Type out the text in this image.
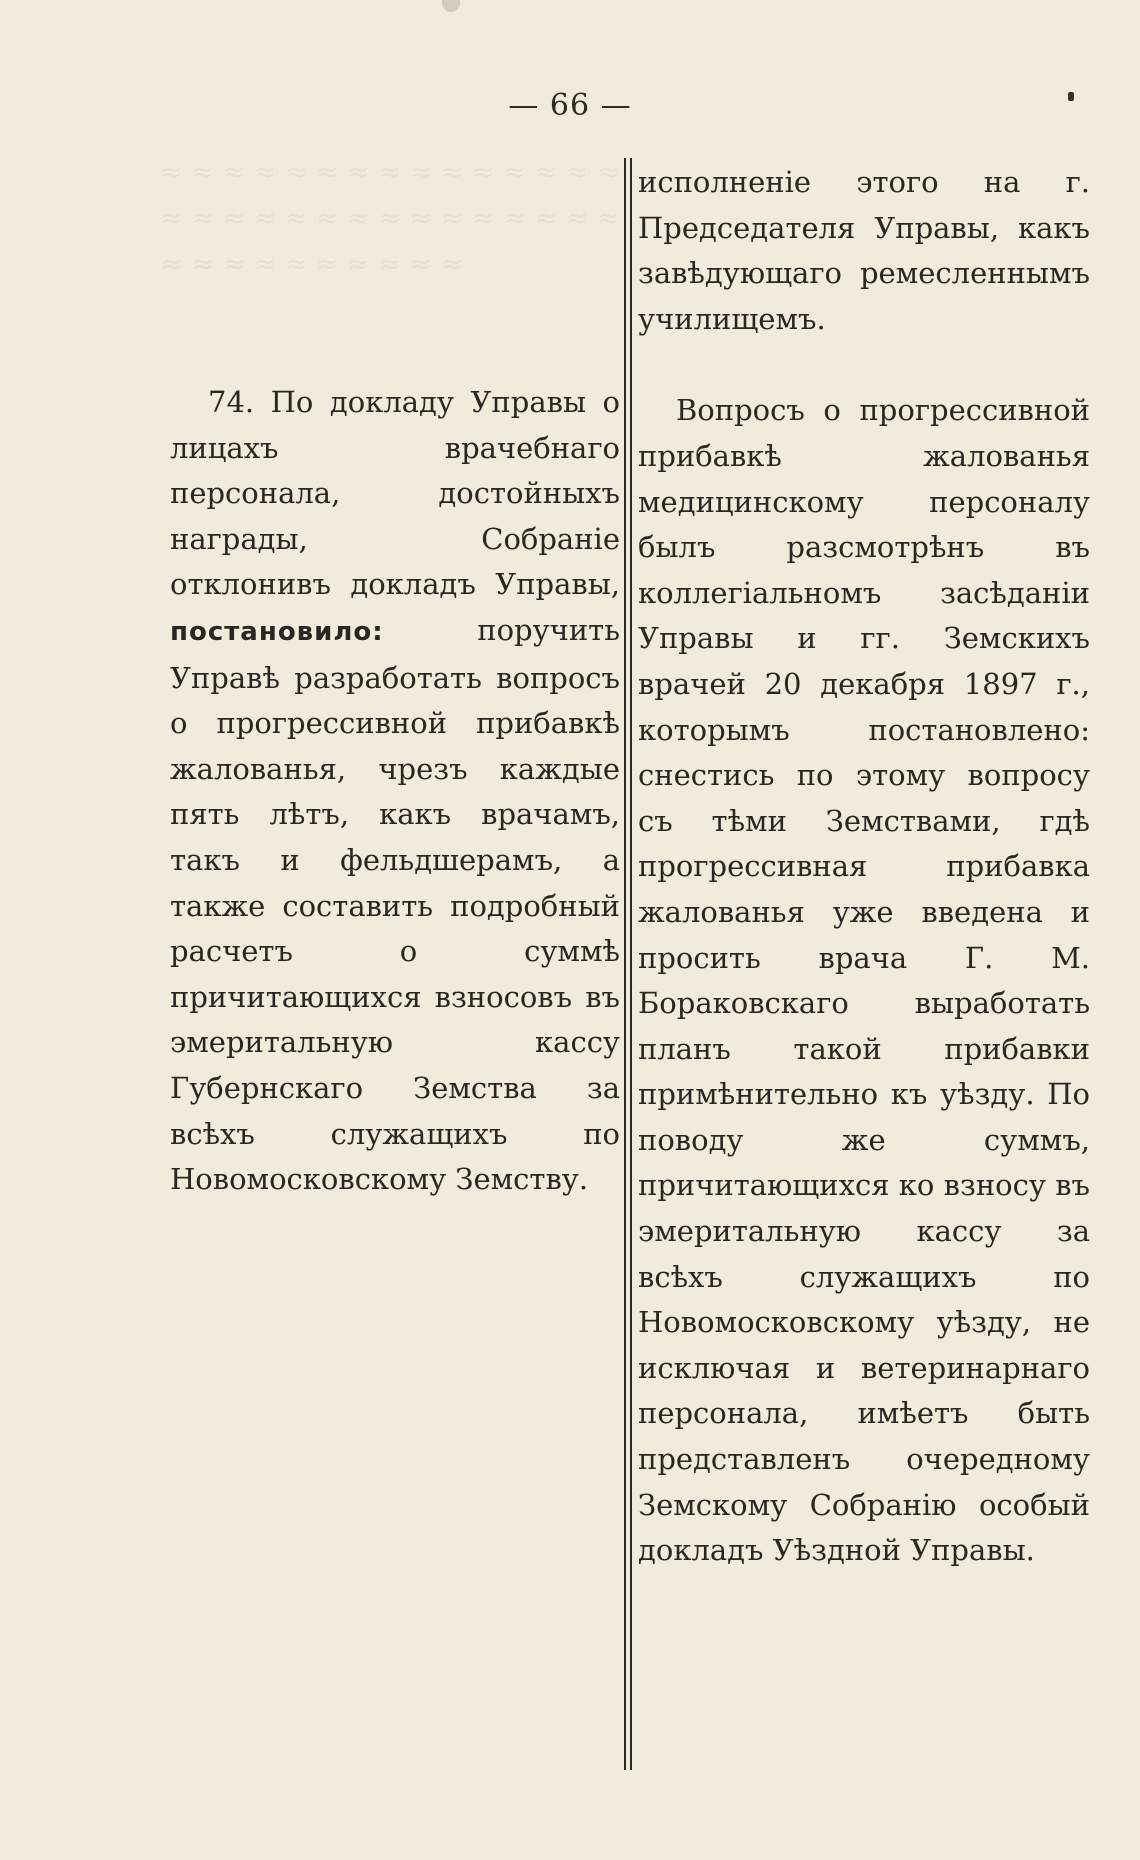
— 66 —
≈ ≈ ≈ ≈ ≈ ≈ ≈ ≈ ≈ ≈ ≈ ≈ ≈ ≈ ≈ ≈ ≈ ≈ ≈ ≈ ≈ ≈ ≈ ≈ ≈ ≈ ≈ ≈ ≈ ≈ ≈ ≈ ≈ ≈ ≈ ≈ ≈ ≈ ≈ ≈

74. По докладу Управы о лицахъ врачебнаго персонала, достойныхъ награды, Собраніе отклонивъ докладъ Управы, постановило:	поручить Управѣ разработать вопросъ о прогрессивной прибавкѣ жалованья, чрезъ каждые пять лѣтъ, какъ врачамъ, такъ и фельдшерамъ, а также составить подробный расчетъ о суммѣ причитающихся взносовъ въ эмеритальную кассу Губернскаго Земства за всѣхъ служащихъ по Новомосковскому Земству.

исполненіе этого на г. Председателя Управы, какъ завѣдующаго ремесленнымъ училищемъ.

Вопросъ о прогрессивной прибавкѣ жалованья медицинскому персоналу былъ разсмотрѣнъ въ коллегіальномъ засѣданіи Управы и гг. Земскихъ врачей 20 декабря 1897 г., которымъ постановлено: снестись по этому вопросу съ тѣми Земствами, гдѣ прогрессивная прибавка жалованья уже введена и просить врача Г. М. Бораковскаго выработать планъ такой прибавки примѣнительно къ уѣзду. По поводу же суммъ, причитающихся ко взносу въ эмеритальную кассу за всѣхъ служащихъ по Новомосковскому уѣзду, не исключая и ветеринарнаго персонала, имѣетъ быть представленъ очередному Земскому Собранію особый докладъ Уѣздной Управы.
